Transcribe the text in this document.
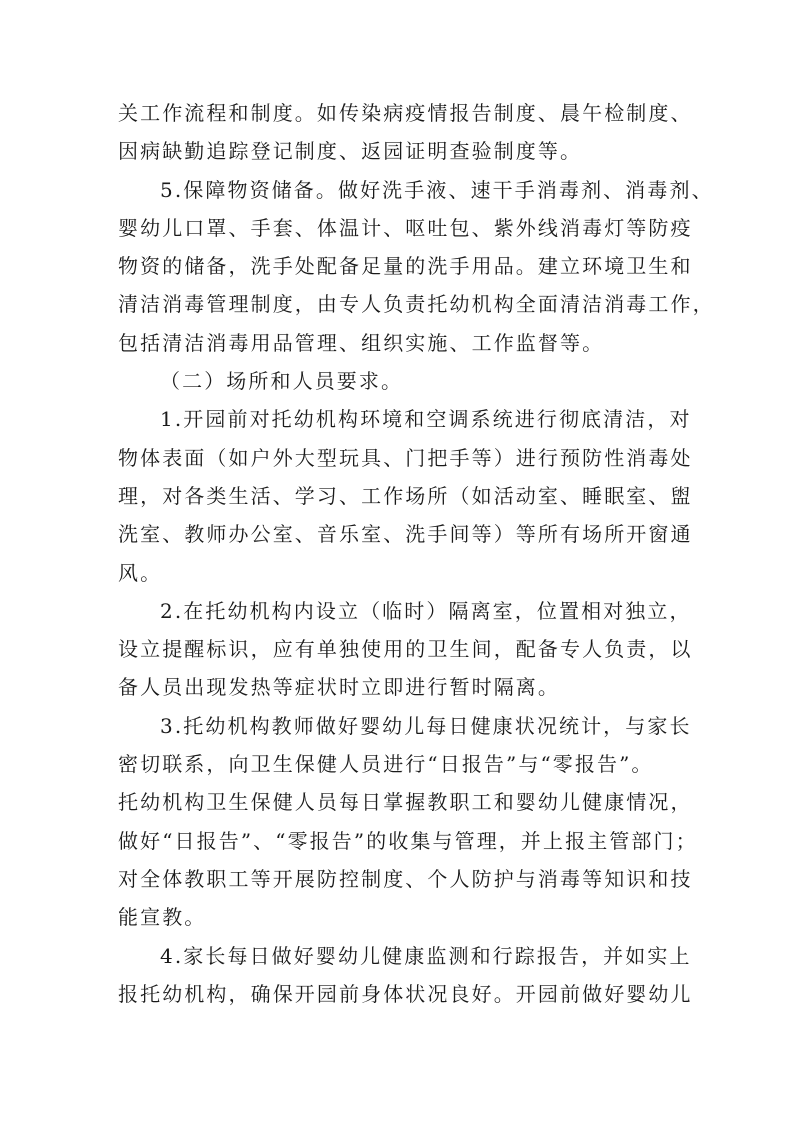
关工作流程和制度。如传染病疫情报告制度、晨午检制度、
因病缺勤追踪登记制度、返园证明查验制度等。

5.保障物资储备。做好洗手液、速干手消毒剂、消毒剂、
婴幼儿口罩、手套、体温计、呕吐包、紫外线消毒灯等防疫
物资的储备，洗手处配备足量的洗手用品。建立环境卫生和
清洁消毒管理制度，由专人负责托幼机构全面清洁消毒工作，
包括清洁消毒用品管理、组织实施、工作监督等。

（二）场所和人员要求。

1.开园前对托幼机构环境和空调系统进行彻底清洁，对
物体表面（如户外大型玩具、门把手等）进行预防性消毒处
理，对各类生活、学习、工作场所（如活动室、睡眠室、盥
洗室、教师办公室、音乐室、洗手间等）等所有场所开窗通
风。

2.在托幼机构内设立（临时）隔离室，位置相对独立，
设立提醒标识，应有单独使用的卫生间，配备专人负责，以
备人员出现发热等症状时立即进行暂时隔离。

3.托幼机构教师做好婴幼儿每日健康状况统计，与家长
密切联系，向卫生保健人员进行“日报告”与“零报告”。
托幼机构卫生保健人员每日掌握教职工和婴幼儿健康情况，
做好“日报告”、“零报告”的收集与管理，并上报主管部门；
对全体教职工等开展防控制度、个人防护与消毒等知识和技
能宣教。

4.家长每日做好婴幼儿健康监测和行踪报告，并如实上
报托幼机构，确保开园前身体状况良好。开园前做好婴幼儿
